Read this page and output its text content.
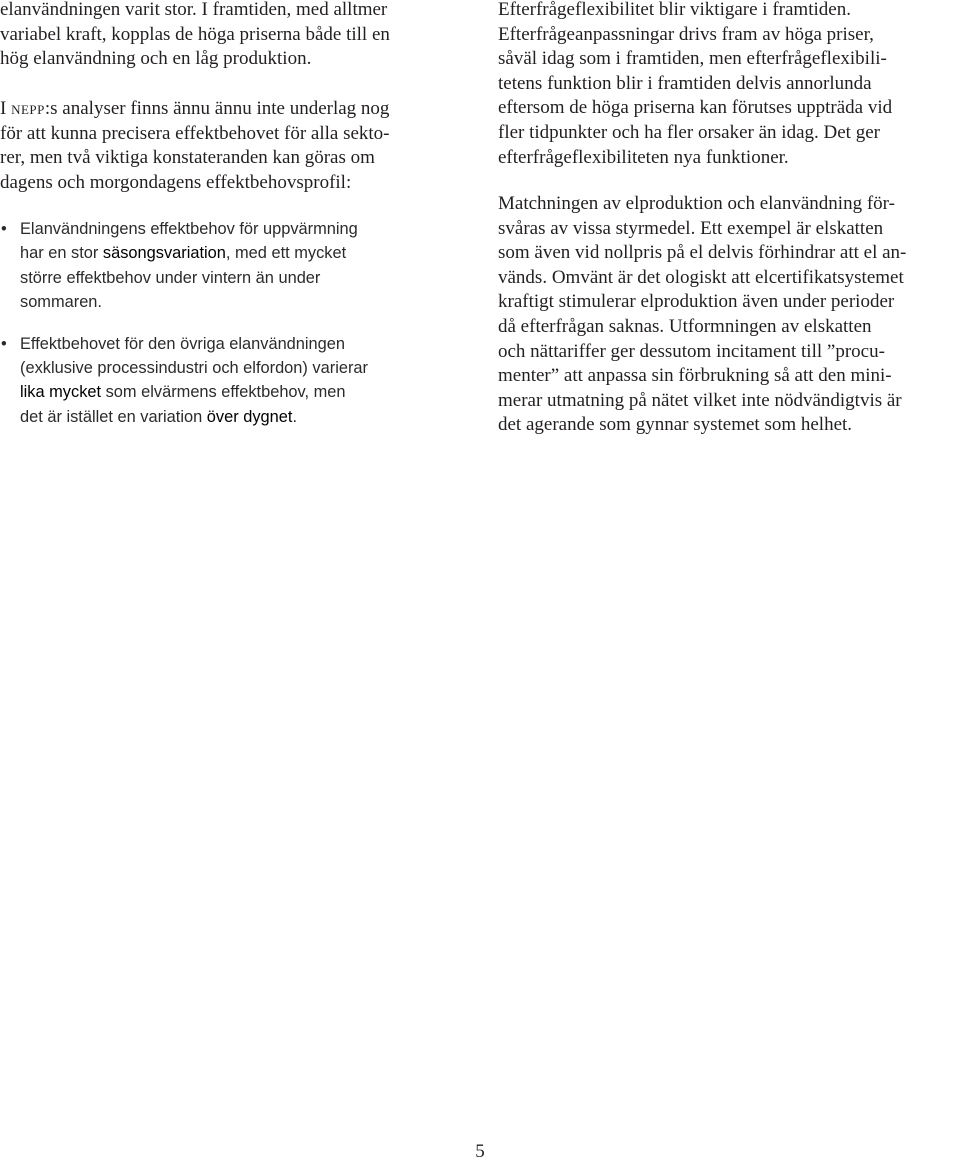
elanvändningen varit stor. I framtiden, med alltmer
variabel kraft, kopplas de höga priserna både till en
hög elanvändning och en låg produktion.

I nepp:s analyser finns ännu ännu inte underlag nog
för att kunna precisera effektbehovet för alla sekto-
rer, men två viktiga konstateranden kan göras om
dagens och morgondagens effektbehovsprofil:

• Elanvändningens effektbehov för uppvärmning
har en stor säsongsvariation, med ett mycket
större effektbehov under vintern än under
sommaren.
• Effektbehovet för den övriga elanvändningen
(exklusive processindustri och elfordon) varierar
lika mycket som elvärmens effektbehov, men
det är istället en variation över dygnet.

Efterfrågeflexibilitet blir viktigare i framtiden.
Efterfrågeanpassningar drivs fram av höga priser,
såväl idag som i framtiden, men efterfrågeflexibili-
tetens funktion blir i framtiden delvis annorlunda
eftersom de höga priserna kan förutses uppträda vid
fler tidpunkter och ha fler orsaker än idag. Det ger
efterfrågeflexibiliteten nya funktioner.

Matchningen av elproduktion och elanvändning för-
svåras av vissa styrmedel. Ett exempel är elskatten
som även vid nollpris på el delvis förhindrar att el an-
vänds. Omvänt är det ologiskt att elcertifikatsystemet
kraftigt stimulerar elproduktion även under perioder
då efterfrågan saknas. Utformningen av elskatten
och nättariffer ger dessutom incitament till ”procu-
menter” att anpassa sin förbrukning så att den mini-
merar utmatning på nätet vilket inte nödvändigtvis är
det agerande som gynnar systemet som helhet.

5
